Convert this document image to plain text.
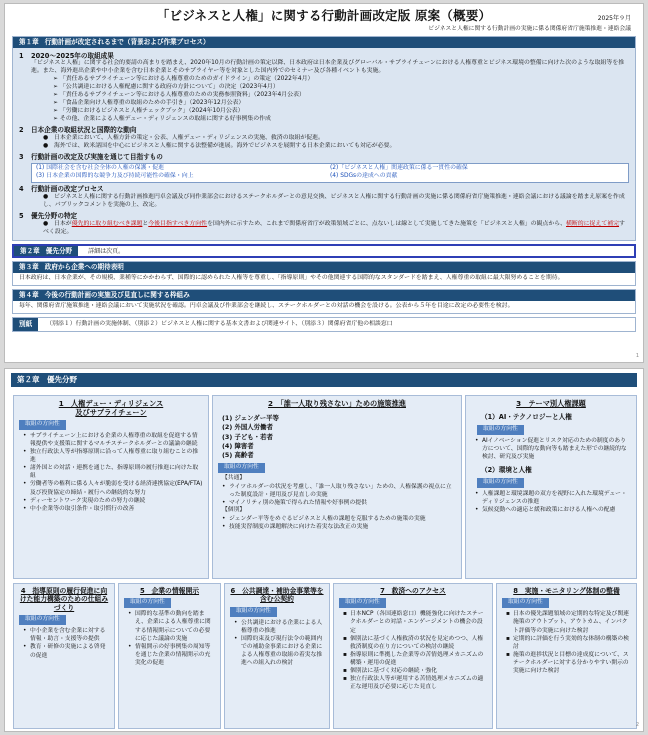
「ビジネスと人権」に関する行動計画改定版 原案（概要）	2025年９月
ビジネスと人権に関する行動計画の実施に係る関係府省庁施策推進・連絡会議
第１章 行動計画が改定されるまで（背景および作業プロセス）
1 2020～2025年の取組成果
「ビジネスと人権」に関する社会的要請の高まりを踏まえ、2020年10月の行動計画の策定以降、日本政府は日本企業及びグローバル・サプライチェーンにおける人権尊重とビジネス環境の整備に向けた次のような取組等を推進。また、海外進出企業や中小企業を含む日本企業とそのサプライヤー等を対象とした国内外でのセミナー及び各種イベントも実施。
➢ 「責任あるサプライチェーン等における人権尊重のためのガイドライン」の策定（2022年4月）
➢ 「公共調達における人権配慮に関する政府の方針について」の決定（2023年4月）
➢ 「責任あるサプライチェーン等における人権尊重のための実務参照資料」（2023年4月公表）
➢ 「食品企業向け人権尊重の取組のための手引き」（2023年12月公表）
➢ 「労働におけるビジネスと人権チェックブック」（2024年10月公表）
➢ その他、企業による人権デュー・ディリジェンスの取組に関する好事例集の作成
2 日本企業の取組状況と国際的な動向
●　日本企業において、人権方針の策定・公表、人権デュー・ディリジェンスの実施、救済の取組が促進。
●　海外では、欧米諸国を中心にビジネスと人権に関する法整備が進展。海外でビジネスを展開する日本企業においても対応が必要。
3 行動計画の改定及び実施を通じて目指すもの
(1) 国際社会を含む社会全体の人権の保護・促進	(2)「ビジネスと人権」関連政策に係る一貫性の確保
(3) 日本企業の国際的な競争力及び持続可能性の確保・向上	(4) SDGsの達成への貢献
4 行動計画の改定プロセス
●　ビジネスと人権に関する行動計画推進円卓会議及び同作業部会におけるステークホルダーとの意見交換、ビジネスと人権に関する行動計画の実施に係る関係府省庁施策推進・連絡会議における議論を踏まえ原案を作成し、パブリックコメントを実施の上、改定。
5 優先分野の特定
●　日本が優先的に取り組むべき課題と今後目指すべき方向性を国内外に示すため、これまで関係府省庁が政策領域ごとに、点ないしは線として実施してきた施策を「ビジネスと人権」の観点から、横断的に捉えて補完すべく設定。
第２章 優先分野	詳細は次頁。
第３章 政府から企業への期待表明
日本政府は、日本企業が、その規模、業種等にかかわらず、国際的に認められた人権等を尊重し、「指導原則」やその他関連する国際的なスタンダードを踏まえ、人権尊重の取組に最大限努めることを期待。
第４章 今後の行動計画の実施及び見直しに関する枠組み
毎年、関係府省庁施策推進・連絡会議において実施状況を確認。円卓会議及び作業部会を継続し、ステークホルダーとの対話の機会を設ける。公表から５年を目途に改定の必要性を検討。
別紙	（別添１）行動計画の実施体制、（別添２）ビジネスと人権に関する基本文書および関連サイト、（別添３）関係府省庁他の相談窓口
1
第２章　優先分野
1　人権デュー・ディリジェンス
及びサプライチェーン
取組の方向性

• サプライチェーン上における企業の人権尊重の取組を促進する情報提供や支援策に関するマルチステークホルダーとの議論の継続

• 独立行政法人等が指導原則に沿って人権尊重に取り組むことの推進

• 諸外国との対話・連携を通じた、指導原則の履行推進に向けた取組

• 労働者等の権利に係る人々が脆弱を受ける経済連携協定(EPA/FTA)及び投資協定の締結・履行への継続的な努力

• ディーセントワーク実現のための努力の継続

• 中小企業等の取引条件・取引慣行の改善

2　「誰一人取り残さない」ための施策推進
(1) ジェンダー平等
(2) 外国人労働者
(3) 子ども・若者
(4) 障害者
(5) 高齢者
取組の方向性
【共通】

• ライツホルダーの状況を考慮し、「誰一人取り残さない」ための、人権保護の視点に立った制度設計・運用及び見直しの実施

• マイノリティ別の施策で得られた情報や好事例の提供

【個別】

• ジェンダー平等をめぐるビジネスと人権の課題を克服するための施策の実施

• 技能実習制度の課題解決に向けた着実な法改正の実施

3　テーマ別人権課題
（1）AI・テクノロジーと人権
取組の方向性

• AIイノベーション促進とリスク対応のための制度のあり方について、国際的な動向等も踏まえた形での継続的な検討、研究及び実施

（2）環境と人権
取組の方向性

• 人権課題と環境課題の双方を視野に入れた環境デュー・ディリジェンスの推進

• 気候変動への適応と緩和政策における人権への配慮

4　指導原則の履行促進に向けた能力構築のための仕組みづくり
取組の方向性

• 中小企業を含む企業に対する情報・助言・支援等の提供

• 教育・研修の実施による啓発の促進

5　企業の情報開示
取組の方向性

• 国際的な基準の動向を踏まえ、企業による人権尊重に関する情報開示についての必要に応じた議論の実施

• 情報開示の好事例集の周知等を通じた企業の情報開示の充実化の促進

6　公共調達・補助金事業等を含む公契約
取組の方向性

• 公共調達における企業による人権尊重の推進

• 国際約束及び現行法令の範囲内での補助金事業における企業による人権尊重の取組の着実な推進への組入れの検討

7　救済へのアクセス
取組の方向性

▪ 日本NCP（各国連絡窓口）機能強化に向けたステークホルダーとの対話・エンゲージメントの機会の設定

▪ 個別法に基づく人権救済の状況を見定めつつ、人権救済制度の在り方についての検討の継続

▪ 指導原則に準拠した企業等の苦情処理メカニズムの構築・運用の促進

▪ 個別法に基づく対応の継続・強化

▪ 独立行政法人等が運用する苦情処理メカニズムの適正な運用及び必要に応じた見直し

8　実施・モニタリング体制の整備
取組の方向性

▪ 日本の優先課題領域の定期的な特定及び関連施策のアウトプット、アウトカム、インパクト評価等の実施に向けた検討

▪ 定期的に評価を行う実効的な体制の構築の検討

▪ 施策の進捗状況と目標の達成度について、ステークホルダーに対する分かりやすい開示の実施に向けた検討

2
